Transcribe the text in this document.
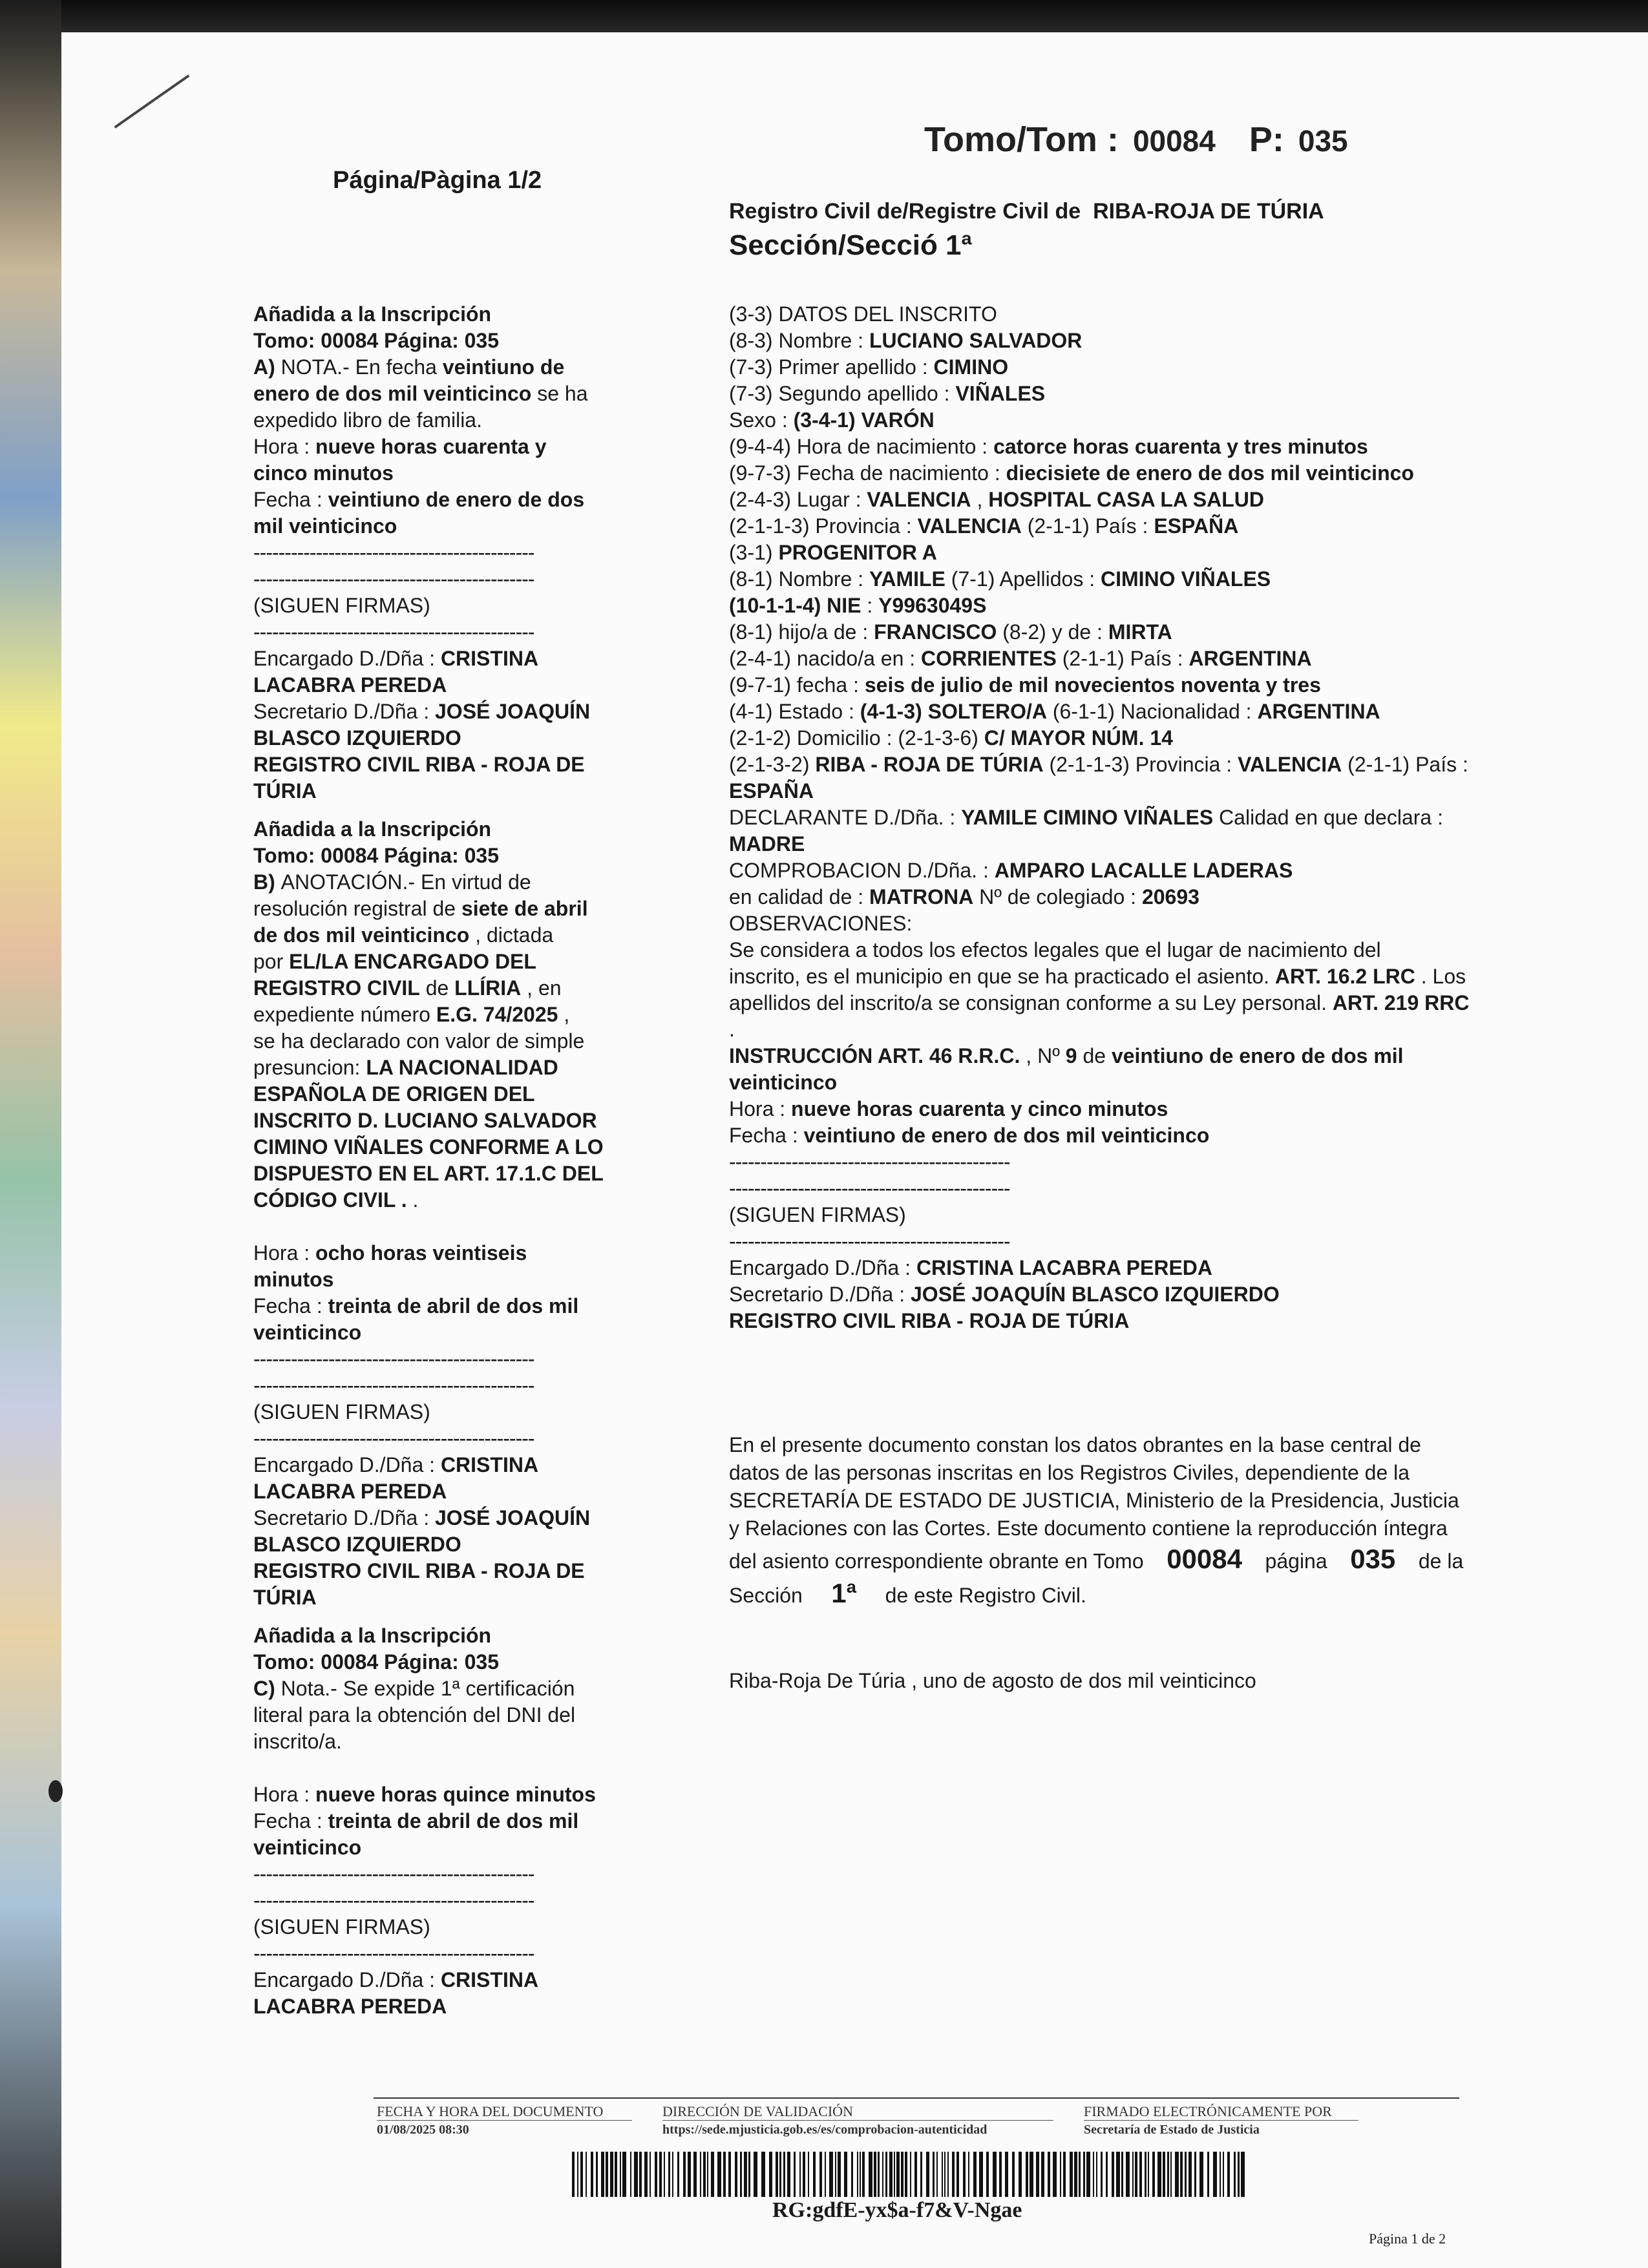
Tomo/Tom : 00084 P: 035
Página/Pàgina 1/2
Registro Civil de/Registre Civil de RIBA-ROJA DE TÚRIA
Sección/Secció 1ª
Añadida a la Inscripción
Tomo: 00084 Página: 035
A) NOTA.- En fecha veintiuno de
enero de dos mil veinticinco se ha
expedido libro de familia.
Hora : nueve horas cuarenta y
cinco minutos
Fecha : veintiuno de enero de dos
mil veinticinco
---------------------------------------------
---------------------------------------------
(SIGUEN FIRMAS)
---------------------------------------------
Encargado D./Dña : CRISTINA
LACABRA PEREDA
Secretario D./Dña : JOSÉ JOAQUÍN
BLASCO IZQUIERDO
REGISTRO CIVIL RIBA - ROJA DE
TÚRIA
Añadida a la Inscripción
Tomo: 00084 Página: 035
B) ANOTACIÓN.- En virtud de
resolución registral de siete de abril
de dos mil veinticinco , dictada
por EL/LA ENCARGADO DEL
REGISTRO CIVIL de LLÍRIA , en
expediente número E.G. 74/2025 ,
se ha declarado con valor de simple
presuncion: LA NACIONALIDAD
ESPAÑOLA DE ORIGEN DEL
INSCRITO D. LUCIANO SALVADOR
CIMINO VIÑALES CONFORME A LO
DISPUESTO EN EL ART. 17.1.C DEL
CÓDIGO CIVIL . .
Hora : ocho horas veintiseis
minutos
Fecha : treinta de abril de dos mil
veinticinco
---------------------------------------------
---------------------------------------------
(SIGUEN FIRMAS)
---------------------------------------------
Encargado D./Dña : CRISTINA
LACABRA PEREDA
Secretario D./Dña : JOSÉ JOAQUÍN
BLASCO IZQUIERDO
REGISTRO CIVIL RIBA - ROJA DE
TÚRIA
Añadida a la Inscripción
Tomo: 00084 Página: 035
C) Nota.- Se expide 1ª certificación
literal para la obtención del DNI del
inscrito/a.
Hora : nueve horas quince minutos
Fecha : treinta de abril de dos mil
veinticinco
---------------------------------------------
---------------------------------------------
(SIGUEN FIRMAS)
---------------------------------------------
Encargado D./Dña : CRISTINA
LACABRA PEREDA
(3-3) DATOS DEL INSCRITO
(8-3) Nombre : LUCIANO SALVADOR
(7-3) Primer apellido : CIMINO
(7-3) Segundo apellido : VIÑALES
Sexo : (3-4-1) VARÓN
(9-4-4) Hora de nacimiento : catorce horas cuarenta y tres minutos
(9-7-3) Fecha de nacimiento : diecisiete de enero de dos mil veinticinco
(2-4-3) Lugar : VALENCIA , HOSPITAL CASA LA SALUD
(2-1-1-3) Provincia : VALENCIA (2-1-1) País : ESPAÑA
(3-1) PROGENITOR A
(8-1) Nombre : YAMILE (7-1) Apellidos : CIMINO VIÑALES
(10-1-1-4) NIE : Y9963049S
(8-1) hijo/a de : FRANCISCO (8-2) y de : MIRTA
(2-4-1) nacido/a en : CORRIENTES (2-1-1) País : ARGENTINA
(9-7-1) fecha : seis de julio de mil novecientos noventa y tres
(4-1) Estado : (4-1-3) SOLTERO/A (6-1-1) Nacionalidad : ARGENTINA
(2-1-2) Domicilio : (2-1-3-6) C/ MAYOR NÚM. 14
(2-1-3-2) RIBA - ROJA DE TÚRIA (2-1-1-3) Provincia : VALENCIA (2-1-1) País :
ESPAÑA
DECLARANTE D./Dña. : YAMILE CIMINO VIÑALES Calidad en que declara :
MADRE
COMPROBACION D./Dña. : AMPARO LACALLE LADERAS
en calidad de : MATRONA Nº de colegiado : 20693
OBSERVACIONES:
Se considera a todos los efectos legales que el lugar de nacimiento del
inscrito, es el municipio en que se ha practicado el asiento. ART. 16.2 LRC . Los
apellidos del inscrito/a se consignan conforme a su Ley personal. ART. 219 RRC
.
INSTRUCCIÓN ART. 46 R.R.C. , Nº 9 de veintiuno de enero de dos mil
veinticinco
Hora : nueve horas cuarenta y cinco minutos
Fecha : veintiuno de enero de dos mil veinticinco
---------------------------------------------
---------------------------------------------
(SIGUEN FIRMAS)
---------------------------------------------
Encargado D./Dña : CRISTINA LACABRA PEREDA
Secretario D./Dña : JOSÉ JOAQUÍN BLASCO IZQUIERDO
REGISTRO CIVIL RIBA - ROJA DE TÚRIA
En el presente documento constan los datos obrantes en la base central de
datos de las personas inscritas en los Registros Civiles, dependiente de la
SECRETARÍA DE ESTADO DE JUSTICIA, Ministerio de la Presidencia, Justicia
y Relaciones con las Cortes. Este documento contiene la reproducción íntegra
del asiento correspondiente obrante en Tomo 00084 página 035 de la
Sección 1ª de este Registro Civil.
Riba-Roja De Túria , uno de agosto de dos mil veinticinco
FECHA Y HORA DEL DOCUMENTO
01/08/2025 08:30
DIRECCIÓN DE VALIDACIÓN
https://sede.mjusticia.gob.es/es/comprobacion-autenticidad
FIRMADO ELECTRÓNICAMENTE POR
Secretaría de Estado de Justicia
RG:gdfE-yx$a-f7&V-Ngae
Página 1 de 2
